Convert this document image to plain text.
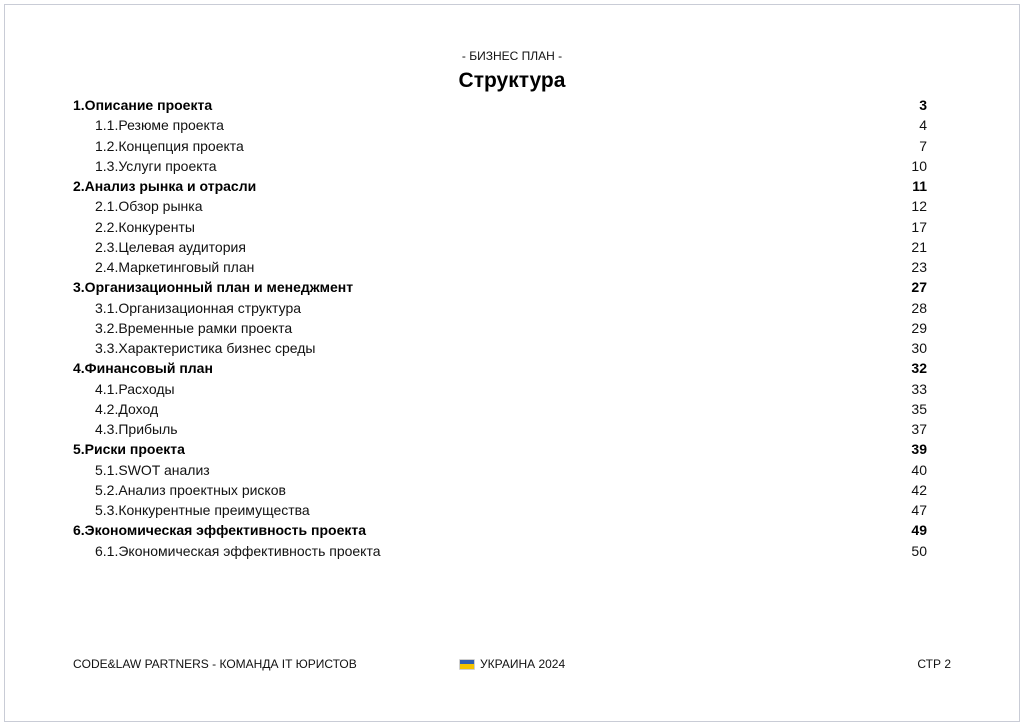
- БИЗНЕС ПЛАН -
Структура
1.Описание проекта	3
1.1.Резюме проекта	4
1.2.Концепция проекта	7
1.3.Услуги проекта	10
2.Анализ рынка и отрасли	11
2.1.Обзор рынка	12
2.2.Конкуренты	17
2.3.Целевая аудитория	21
2.4.Маркетинговый план	23
3.Организационный план и менеджмент	27
3.1.Организационная структура	28
3.2.Временные рамки проекта	29
3.3.Характеристика бизнес среды	30
4.Финансовый план	32
4.1.Расходы	33
4.2.Доход	35
4.3.Прибыль	37
5.Риски проекта	39
5.1.SWOT анализ	40
5.2.Анализ проектных рисков	42
5.3.Конкурентные преимущества	47
6.Экономическая эффективность проекта	49
6.1.Экономическая эффективность проекта	50
CODE&LAW PARTNERS - КОМАНДА IT ЮРИСТОВ	УКРАИНА 2024	СТР 2
